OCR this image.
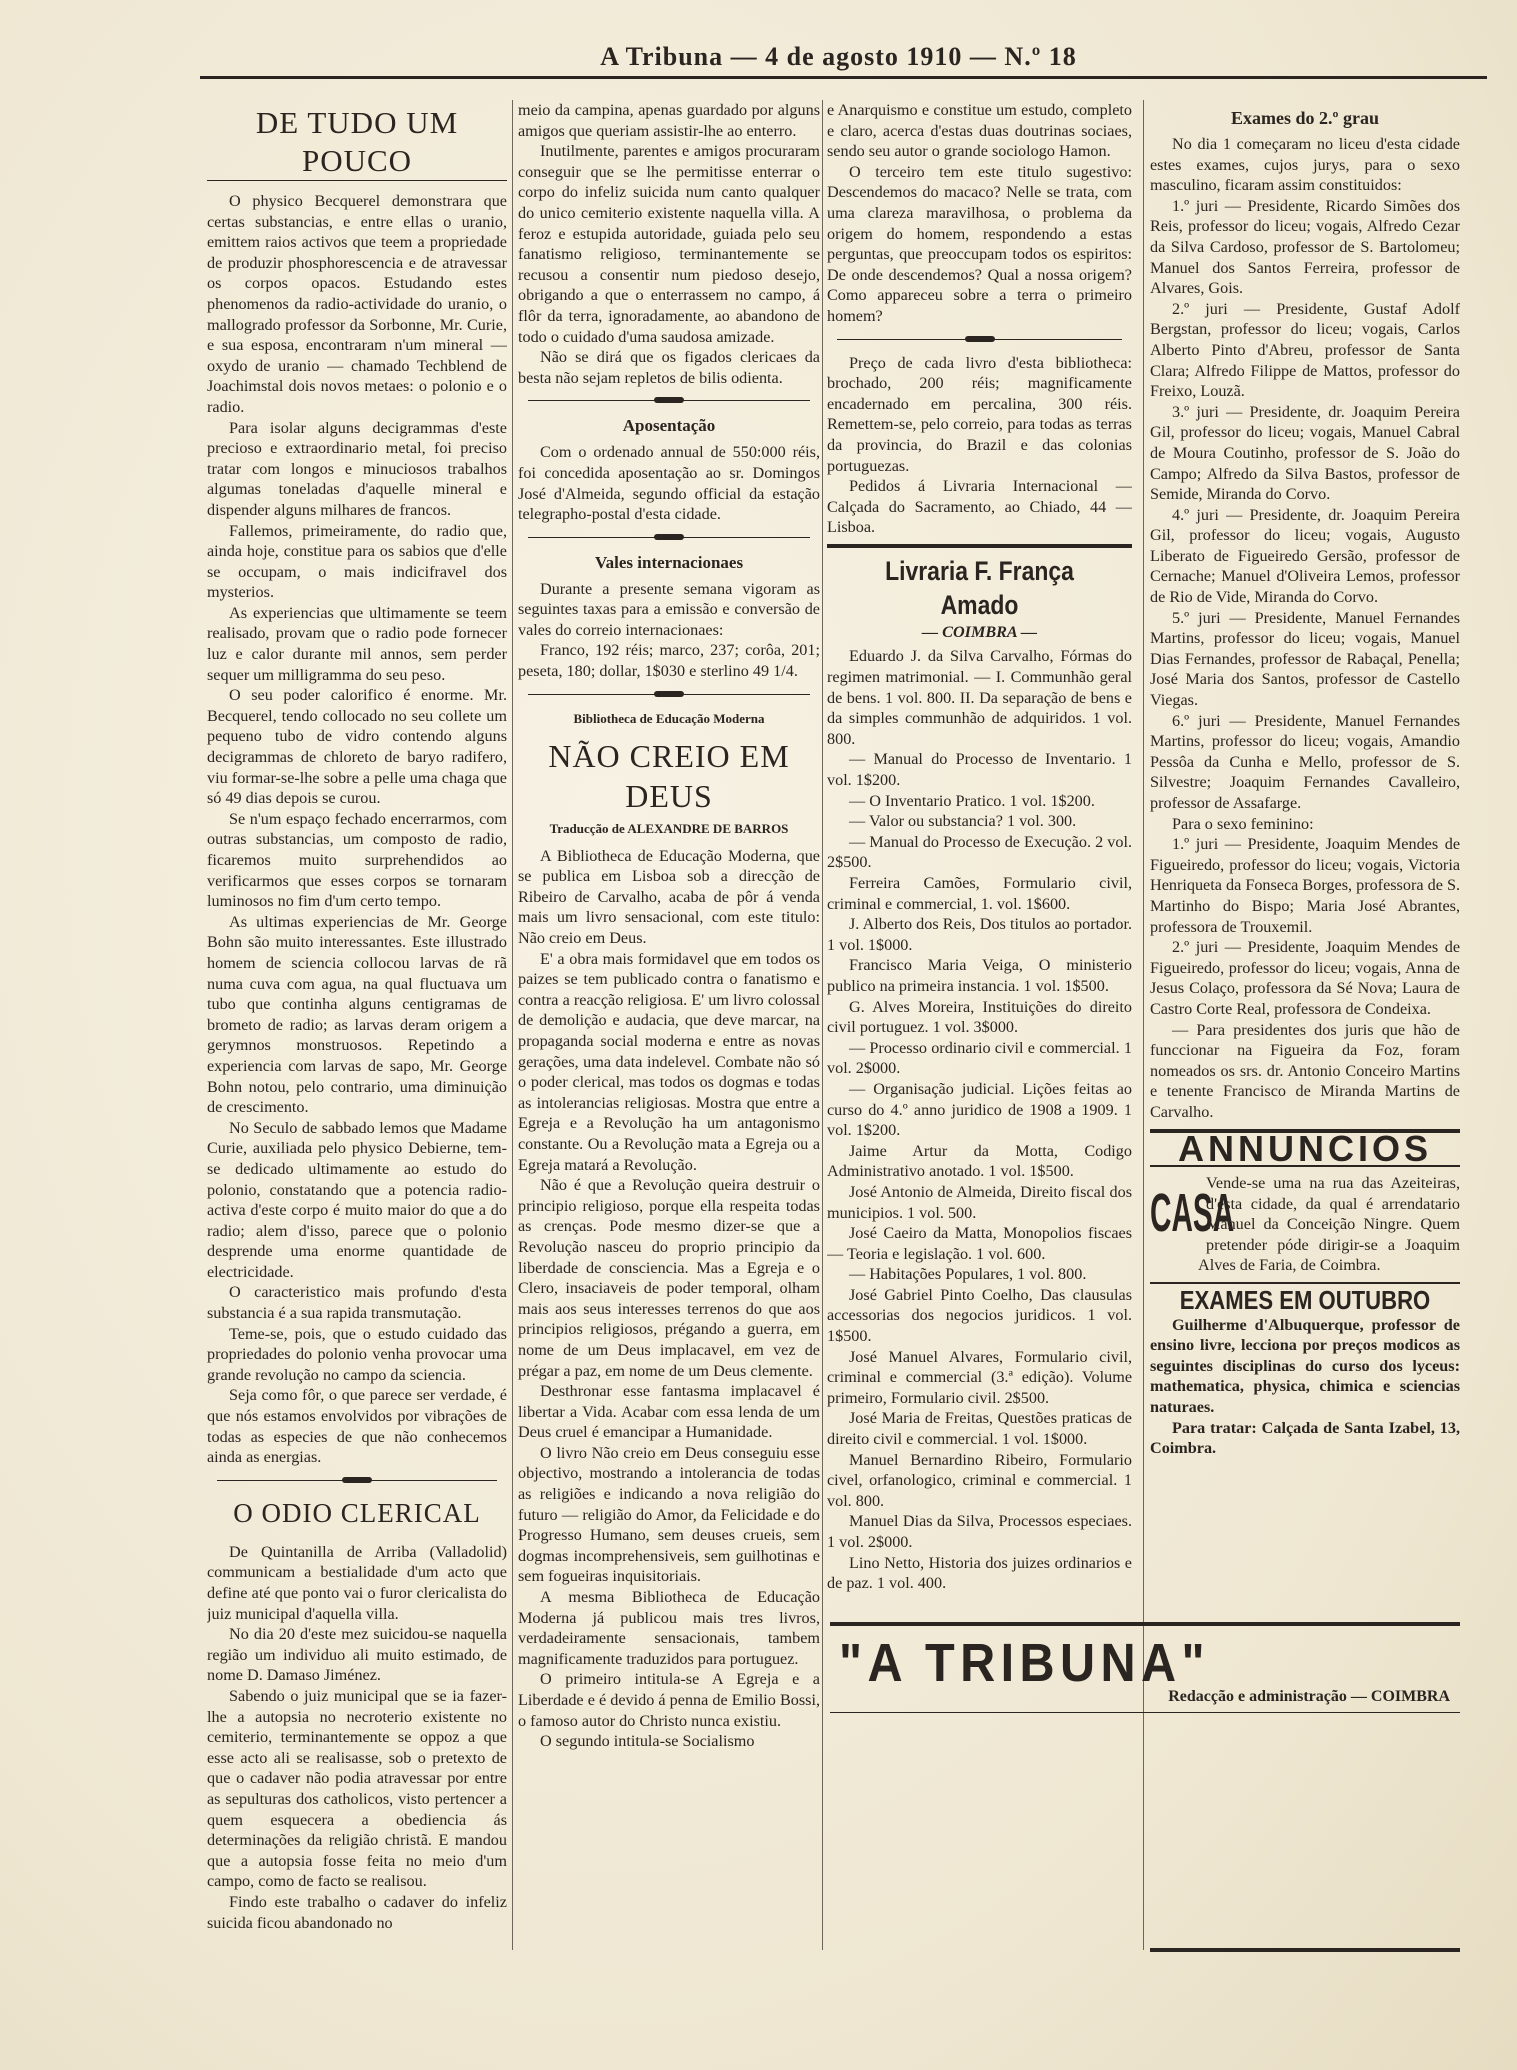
A Tribuna — 4 de agosto 1910 — N.º 18
DE TUDO UM POUCO

O physico Becquerel demonstrara que certas substancias, e entre ellas o uranio, emittem raios activos que teem a propriedade de produzir phosphorescencia e de atravessar os corpos opacos. Estudando estes phenomenos da radio-actividade do uranio, o mallogrado professor da Sorbonne, Mr. Curie, e sua esposa, encontraram n'um mineral — oxydo de uranio — chamado Techblend de Joachimstal dois novos metaes: o polonio e o radio.

Para isolar alguns decigrammas d'este precioso e extraordinario metal, foi preciso tratar com longos e minuciosos trabalhos algumas toneladas d'aquelle mineral e dispender alguns milhares de francos.

Fallemos, primeiramente, do radio que, ainda hoje, constitue para os sabios que d'elle se occupam, o mais indicifravel dos mysterios.

As experiencias que ultimamente se teem realisado, provam que o radio pode fornecer luz e calor durante mil annos, sem perder sequer um milligramma do seu peso.

O seu poder calorifico é enorme. Mr. Becquerel, tendo collocado no seu collete um pequeno tubo de vidro contendo alguns decigrammas de chloreto de baryo radifero, viu formar-se-lhe sobre a pelle uma chaga que só 49 dias depois se curou.

Se n'um espaço fechado encerrarmos, com outras substancias, um composto de radio, ficaremos muito surprehendidos ao verificarmos que esses corpos se tornaram luminosos no fim d'um certo tempo.

As ultimas experiencias de Mr. George Bohn são muito interessantes. Este illustrado homem de sciencia collocou larvas de rã numa cuva com agua, na qual fluctuava um tubo que continha alguns centigramas de brometo de radio; as larvas deram origem a gerymnos monstruosos. Repetindo a experiencia com larvas de sapo, Mr. George Bohn notou, pelo contrario, uma diminuição de crescimento.

No Seculo de sabbado lemos que Madame Curie, auxiliada pelo physico Debierne, tem-se dedicado ultimamente ao estudo do polonio, constatando que a potencia radio-activa d'este corpo é muito maior do que a do radio; alem d'isso, parece que o polonio desprende uma enorme quantidade de electricidade.

O caracteristico mais profundo d'esta substancia é a sua rapida transmutação.

Teme-se, pois, que o estudo cuidado das propriedades do polonio venha provocar uma grande revolução no campo da sciencia.

Seja como fôr, o que parece ser verdade, é que nós estamos envolvidos por vibrações de todas as especies de que não conhecemos ainda as energias.

O ODIO CLERICAL

De Quintanilla de Arriba (Valladolid) communicam a bestialidade d'um acto que define até que ponto vai o furor clericalista do juiz municipal d'aquella villa.

No dia 20 d'este mez suicidou-se naquella região um individuo ali muito estimado, de nome D. Damaso Jiménez.

Sabendo o juiz municipal que se ia fazer-lhe a autopsia no necroterio existente no cemiterio, terminantemente se oppoz a que esse acto ali se realisasse, sob o pretexto de que o cadaver não podia atravessar por entre as sepulturas dos catholicos, visto pertencer a quem esquecera a obediencia ás determinações da religião christã. E mandou que a autopsia fosse feita no meio d'um campo, como de facto se realisou.

Findo este trabalho o cadaver do infeliz suicida ficou abandonado no

meio da campina, apenas guardado por alguns amigos que queriam assistir-lhe ao enterro.

Inutilmente, parentes e amigos procuraram conseguir que se lhe permitisse enterrar o corpo do infeliz suicida num canto qualquer do unico cemiterio existente naquella villa. A feroz e estupida autoridade, guiada pelo seu fanatismo religioso, terminantemente se recusou a consentir num piedoso desejo, obrigando a que o enterrassem no campo, á flôr da terra, ignoradamente, ao abandono de todo o cuidado d'uma saudosa amizade.

Não se dirá que os figados clericaes da besta não sejam repletos de bilis odienta.

Aposentação

Com o ordenado annual de 550:000 réis, foi concedida aposentação ao sr. Domingos José d'Almeida, segundo official da estação telegrapho-postal d'esta cidade.

Vales internacionaes

Durante a presente semana vigoram as seguintes taxas para a emissão e conversão de vales do correio internacionaes:

Franco, 192 réis; marco, 237; corôa, 201; peseta, 180; dollar, 1$030 e sterlino 49 1/4.

Bibliotheca de Educação Moderna
NÃO CREIO EM DEUS
Traducção de ALEXANDRE DE BARROS

A Bibliotheca de Educação Moderna, que se publica em Lisboa sob a direcção de Ribeiro de Carvalho, acaba de pôr á venda mais um livro sensacional, com este titulo: Não creio em Deus.

E' a obra mais formidavel que em todos os paizes se tem publicado contra o fanatismo e contra a reacção religiosa. E' um livro colossal de demolição e audacia, que deve marcar, na propaganda social moderna e entre as novas gerações, uma data indelevel. Combate não só o poder clerical, mas todos os dogmas e todas as intolerancias religiosas. Mostra que entre a Egreja e a Revolução ha um antagonismo constante. Ou a Revolução mata a Egreja ou a Egreja matará a Revolução.

Não é que a Revolução queira destruir o principio religioso, porque ella respeita todas as crenças. Pode mesmo dizer-se que a Revolução nasceu do proprio principio da liberdade de consciencia. Mas a Egreja e o Clero, insaciaveis de poder temporal, olham mais aos seus interesses terrenos do que aos principios religiosos, prégando a guerra, em nome de um Deus implacavel, em vez de prégar a paz, em nome de um Deus clemente.

Desthronar esse fantasma implacavel é libertar a Vida. Acabar com essa lenda de um Deus cruel é emancipar a Humanidade.

O livro Não creio em Deus conseguiu esse objectivo, mostrando a intolerancia de todas as religiões e indicando a nova religião do futuro — religião do Amor, da Felicidade e do Progresso Humano, sem deuses crueis, sem dogmas incomprehensiveis, sem guilhotinas e sem fogueiras inquisitoriais.

A mesma Bibliotheca de Educação Moderna já publicou mais tres livros, verdadeiramente sensacionais, tambem magnificamente traduzidos para portuguez.

O primeiro intitula-se A Egreja e a Liberdade e é devido á penna de Emilio Bossi, o famoso autor do Christo nunca existiu.

O segundo intitula-se Socialismo

e Anarquismo e constitue um estudo, completo e claro, acerca d'estas duas doutrinas sociaes, sendo seu autor o grande sociologo Hamon.

O terceiro tem este titulo sugestivo: Descendemos do macaco? Nelle se trata, com uma clareza maravilhosa, o problema da origem do homem, respondendo a estas perguntas, que preoccupam todos os espiritos: De onde descendemos? Qual a nossa origem? Como appareceu sobre a terra o primeiro homem?

Preço de cada livro d'esta bibliotheca: brochado, 200 réis; magnificamente encadernado em percalina, 300 réis. Remettem-se, pelo correio, para todas as terras da provincia, do Brazil e das colonias portuguezas.

Pedidos á Livraria Internacional — Calçada do Sacramento, ao Chiado, 44 — Lisboa.

Livraria F. França Amado
— COIMBRA —

Eduardo J. da Silva Carvalho, Fórmas do regimen matrimonial. — I. Communhão geral de bens. 1 vol. 800. II. Da separação de bens e da simples communhão de adquiridos. 1 vol. 800.

— Manual do Processo de Inventario. 1 vol. 1$200.

— O Inventario Pratico. 1 vol. 1$200.

— Valor ou substancia? 1 vol. 300.

— Manual do Processo de Execução. 2 vol. 2$500.

Ferreira Camões, Formulario civil, criminal e commercial, 1. vol. 1$600.

J. Alberto dos Reis, Dos titulos ao portador. 1 vol. 1$000.

Francisco Maria Veiga, O ministerio publico na primeira instancia. 1 vol. 1$500.

G. Alves Moreira, Instituições do direito civil portuguez. 1 vol. 3$000.

— Processo ordinario civil e commercial. 1 vol. 2$000.

— Organisação judicial. Lições feitas ao curso do 4.º anno juridico de 1908 a 1909. 1 vol. 1$200.

Jaime Artur da Motta, Codigo Administrativo anotado. 1 vol. 1$500.

José Antonio de Almeida, Direito fiscal dos municipios. 1 vol. 500.

José Caeiro da Matta, Monopolios fiscaes — Teoria e legislação. 1 vol. 600.

— Habitações Populares, 1 vol. 800.

José Gabriel Pinto Coelho, Das clausulas accessorias dos negocios juridicos. 1 vol. 1$500.

José Manuel Alvares, Formulario civil, criminal e commercial (3.ª edição). Volume primeiro, Formulario civil. 2$500.

José Maria de Freitas, Questões praticas de direito civil e commercial. 1 vol. 1$000.

Manuel Bernardino Ribeiro, Formulario civel, orfanologico, criminal e commercial. 1 vol. 800.

Manuel Dias da Silva, Processos especiaes. 1 vol. 2$000.

Lino Netto, Historia dos juizes ordinarios e de paz. 1 vol. 400.

Exames do 2.º grau

No dia 1 começaram no liceu d'esta cidade estes exames, cujos jurys, para o sexo masculino, ficaram assim constituidos:

1.º juri — Presidente, Ricardo Simões dos Reis, professor do liceu; vogais, Alfredo Cezar da Silva Cardoso, professor de S. Bartolomeu; Manuel dos Santos Ferreira, professor de Alvares, Gois.

2.º juri — Presidente, Gustaf Adolf Bergstan, professor do liceu; vogais, Carlos Alberto Pinto d'Abreu, professor de Santa Clara; Alfredo Filippe de Mattos, professor do Freixo, Louzã.

3.º juri — Presidente, dr. Joaquim Pereira Gil, professor do liceu; vogais, Manuel Cabral de Moura Coutinho, professor de S. João do Campo; Alfredo da Silva Bastos, professor de Semide, Miranda do Corvo.

4.º juri — Presidente, dr. Joaquim Pereira Gil, professor do liceu; vogais, Augusto Liberato de Figueiredo Gersão, professor de Cernache; Manuel d'Oliveira Lemos, professor de Rio de Vide, Miranda do Corvo.

5.º juri — Presidente, Manuel Fernandes Martins, professor do liceu; vogais, Manuel Dias Fernandes, professor de Rabaçal, Penella; José Maria dos Santos, professor de Castello Viegas.

6.º juri — Presidente, Manuel Fernandes Martins, professor do liceu; vogais, Amandio Pessôa da Cunha e Mello, professor de S. Silvestre; Joaquim Fernandes Cavalleiro, professor de Assafarge.

Para o sexo feminino:

1.º juri — Presidente, Joaquim Mendes de Figueiredo, professor do liceu; vogais, Victoria Henriqueta da Fonseca Borges, professora de S. Martinho do Bispo; Maria José Abrantes, professora de Trouxemil.

2.º juri — Presidente, Joaquim Mendes de Figueiredo, professor do liceu; vogais, Anna de Jesus Colaço, professora da Sé Nova; Laura de Castro Corte Real, professora de Condeixa.

— Para presidentes dos juris que hão de funccionar na Figueira da Foz, foram nomeados os srs. dr. Antonio Conceiro Martins e tenente Francisco de Miranda Martins de Carvalho.

ANNUNCIOS
CASA

Vende-se uma na rua das Azeiteiras, d'esta cidade, da qual é arrendatario Manuel da Conceição Ningre. Quem pretender póde dirigir-se a Joaquim Alves de Faria, de Coimbra.

EXAMES EM OUTUBRO

Guilherme d'Albuquerque, professor de ensino livre, lecciona por preços modicos as seguintes disciplinas do curso dos lyceus: mathematica, physica, chimica e sciencias naturaes.

Para tratar: Calçada de Santa Izabel, 13, Coimbra.

"A TRIBUNA"
Redacção e administração — COIMBRA
